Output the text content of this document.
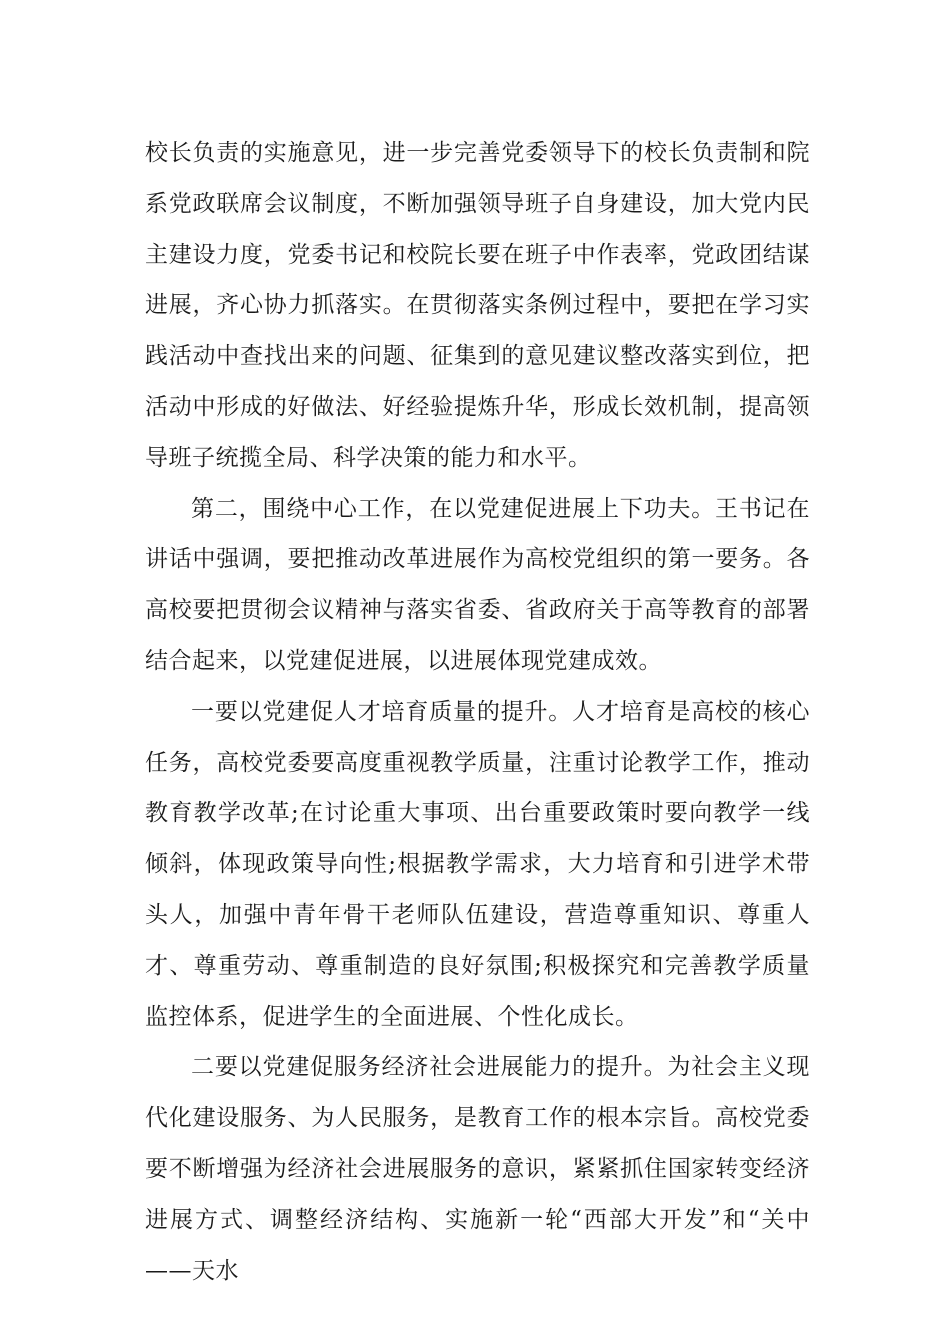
校长负责的实施意见，进一步完善党委领导下的校长负责制和院系党政联席会议制度，不断加强领导班子自身建设，加大党内民主建设力度，党委书记和校院长要在班子中作表率，党政团结谋进展，齐心协力抓落实。在贯彻落实条例过程中，要把在学习实践活动中查找出来的问题、征集到的意见建议整改落实到位，把活动中形成的好做法、好经验提炼升华，形成长效机制，提高领导班子统揽全局、科学决策的能力和水平。

第二，围绕中心工作，在以党建促进展上下功夫。王书记在讲话中强调，要把推动改革进展作为高校党组织的第一要务。各高校要把贯彻会议精神与落实省委、省政府关于高等教育的部署结合起来，以党建促进展，以进展体现党建成效。

一要以党建促人才培育质量的提升。人才培育是高校的核心任务，高校党委要高度重视教学质量，注重讨论教学工作，推动教育教学改革;在讨论重大事项、出台重要政策时要向教学一线倾斜，体现政策导向性;根据教学需求，大力培育和引进学术带头人，加强中青年骨干老师队伍建设，营造尊重知识、尊重人才、尊重劳动、尊重制造的良好氛围;积极探究和完善教学质量监控体系，促进学生的全面进展、个性化成长。

二要以党建促服务经济社会进展能力的提升。为社会主义现代化建设服务、为人民服务，是教育工作的根本宗旨。高校党委要不断增强为经济社会进展服务的意识，紧紧抓住国家转变经济进展方式、调整经济结构、实施新一轮“西部大开发”和“关中——天水
